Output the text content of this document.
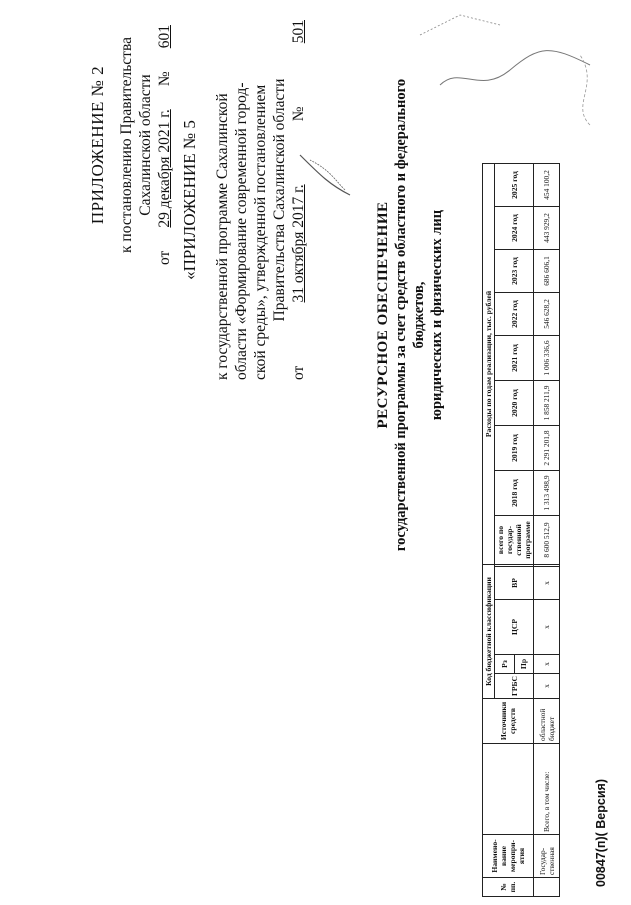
ПРИЛОЖЕНИЕ № 2 к постановлению Правительства Сахалинской области
от
29 декабря 2021 г.
№
601
«ПРИЛОЖЕНИЕ № 5 к государственной программе Сахалинской области «Формирование современной город- ской среды», утвержденной постановлением Правительства Сахалинской области
от
31 октября 2017 г.
№
501
РЕСУРСНОЕ ОБЕСПЕЧЕНИЕ государственной программы за счет средств областного и федерального бюджетов, юридических и физических лиц
№ пп.	Наимено-вание меропри-ятия		Источники средств	Код бюджетной классификации					Расходы по годам реализации, тыс. рублей								
				ГРБС	Рз	ЦСР	ВР		всего по государ-ственной программе	2018 год	2019 год	2020 год	2021 год	2022 год	2023 год	2024 год	2025 год
					Пр												
	Государ-ственная	Всего, в том числе:	областной бюджет	х	х	х	х		8 600 512,9	1 313 498,9	2 291 201,8	1 858 211,9	1 006 336,6	546 628,2	686 606,1	443 929,2	454 100,2
00847(п)( Версия)
